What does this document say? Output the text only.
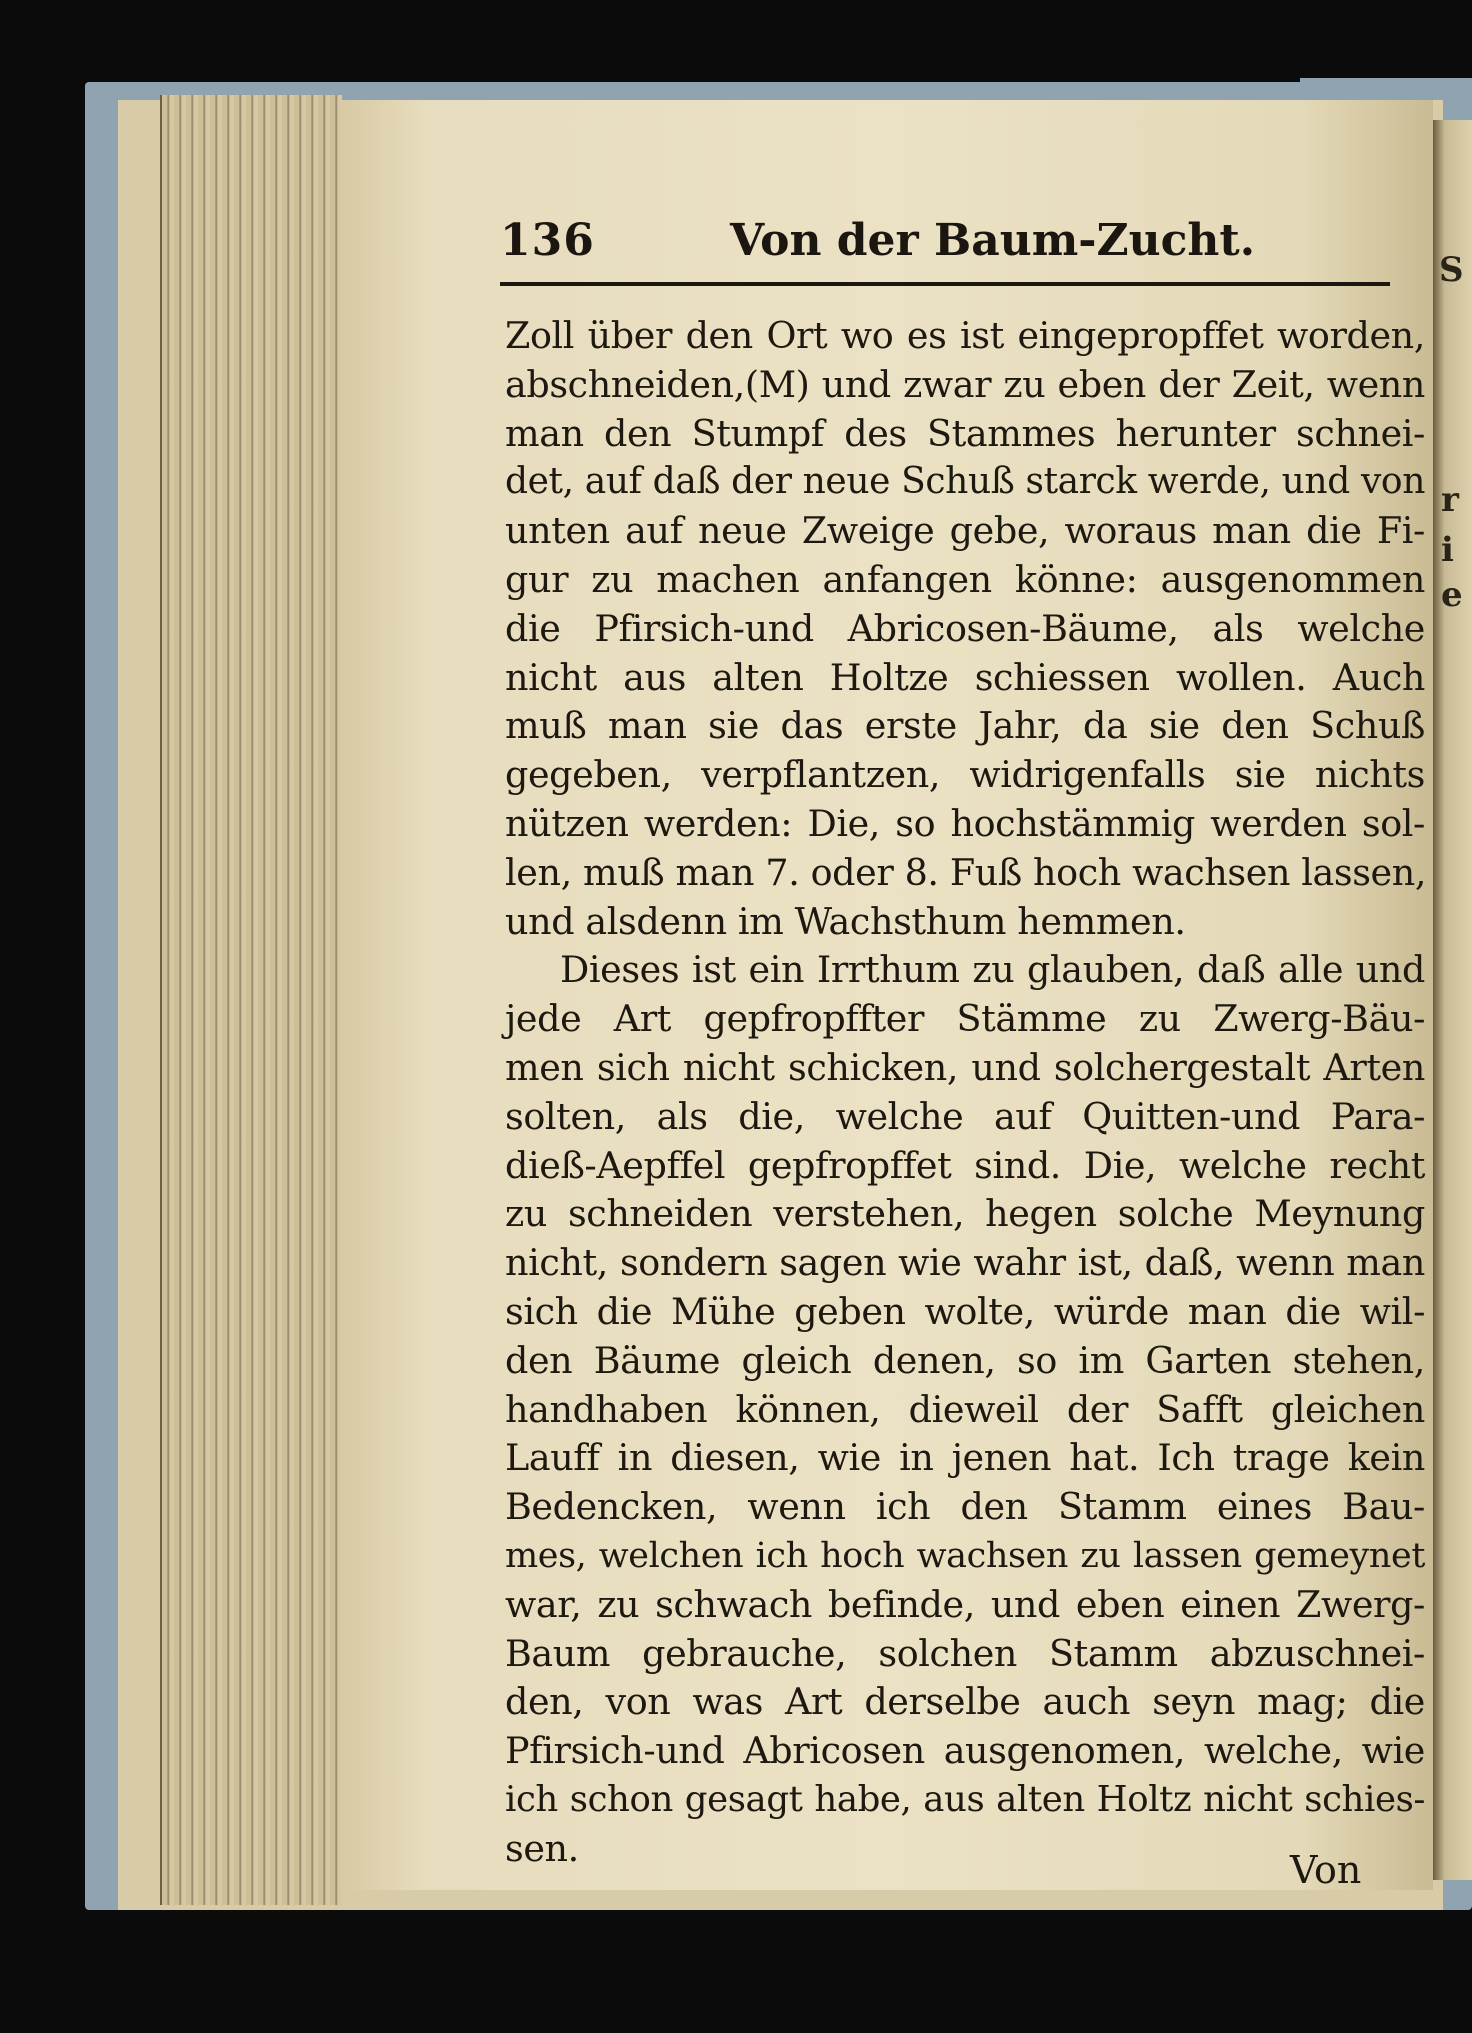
S
r
i
e
136	Von der Baum-Zucht.
Zoll über den Ort wo es ist eingepropffet worden,
abschneiden,(M) und zwar zu eben der Zeit, wenn
man den Stumpf des Stammes herunter schnei-
det, auf daß der neue Schuß starck werde, und von
unten auf neue Zweige gebe, woraus man die Fi-
gur zu machen anfangen könne: ausgenommen
die Pfirsich-und Abricosen-Bäume, als welche
nicht aus alten Holtze schiessen wollen. Auch
muß man sie das erste Jahr, da sie den Schuß
gegeben, verpflantzen, widrigenfalls sie nichts
nützen werden: Die, so hochstämmig werden sol-
len, muß man 7. oder 8. Fuß hoch wachsen lassen,
und alsdenn im Wachsthum hemmen.
Dieses ist ein Irrthum zu glauben, daß alle und
jede Art gepfropffter Stämme zu Zwerg-Bäu-
men sich nicht schicken, und solchergestalt Arten
solten, als die, welche auf Quitten-und Para-
dieß-Aepffel gepfropffet sind. Die, welche recht
zu schneiden verstehen, hegen solche Meynung
nicht, sondern sagen wie wahr ist, daß, wenn man
sich die Mühe geben wolte, würde man die wil-
den Bäume gleich denen, so im Garten stehen,
handhaben können, dieweil der Safft gleichen
Lauff in diesen, wie in jenen hat. Ich trage kein
Bedencken, wenn ich den Stamm eines Bau-
mes, welchen ich hoch wachsen zu lassen gemeynet
war, zu schwach befinde, und eben einen Zwerg-
Baum gebrauche, solchen Stamm abzuschnei-
den, von was Art derselbe auch seyn mag; die
Pfirsich-und Abricosen ausgenomen, welche, wie
ich schon gesagt habe, aus alten Holtz nicht schies-
sen.	Von
